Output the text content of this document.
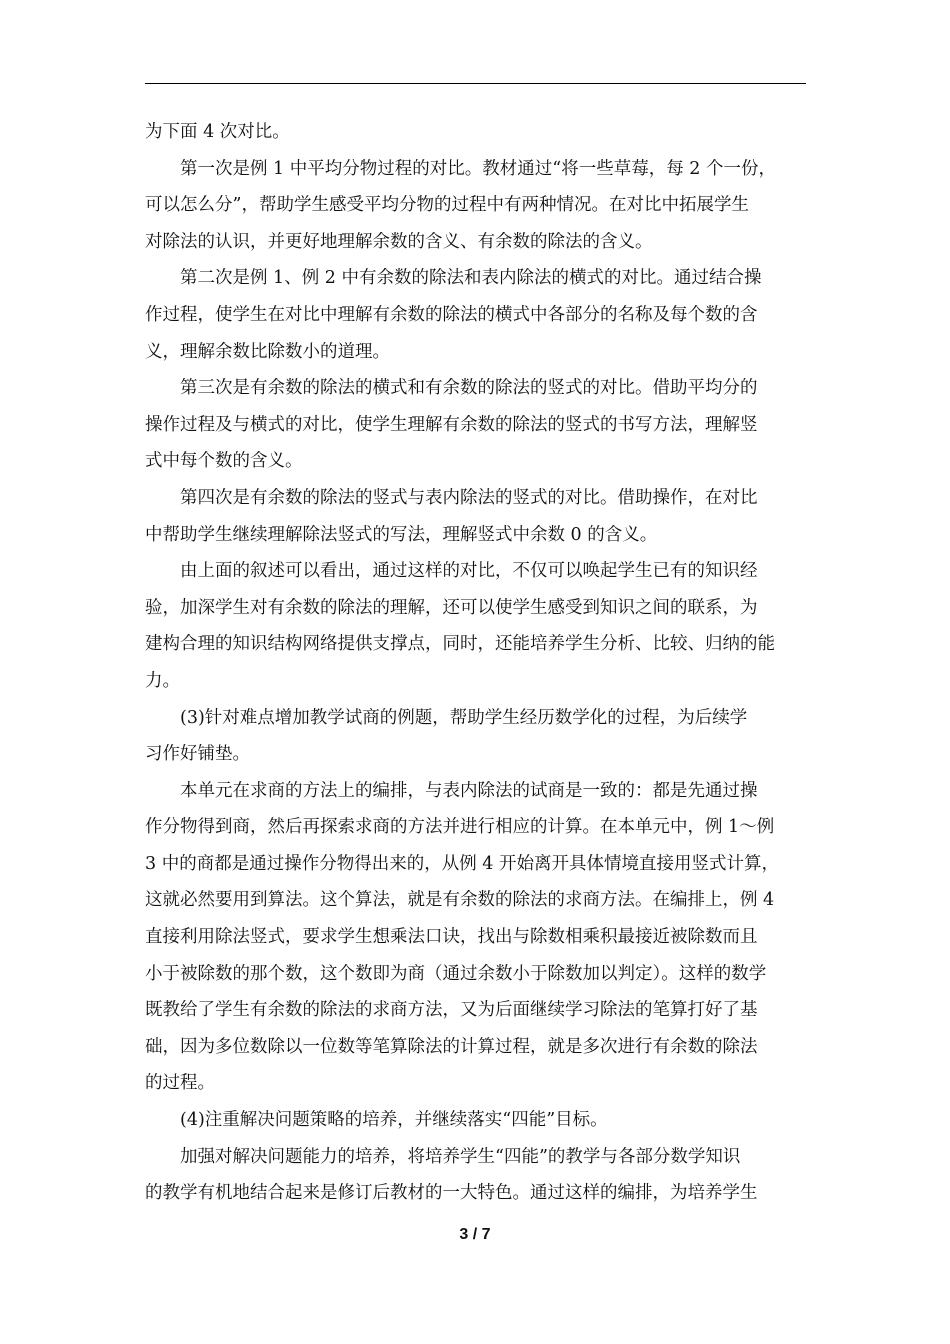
为下面 4 次对比。
第一次是例 1 中平均分物过程的对比。教材通过“将一些草莓，每 2 个一份，
可以怎么分”，帮助学生感受平均分物的过程中有两种情况。在对比中拓展学生
对除法的认识，并更好地理解余数的含义、有余数的除法的含义。
第二次是例 1、例 2 中有余数的除法和表内除法的横式的对比。通过结合操
作过程，使学生在对比中理解有余数的除法的横式中各部分的名称及每个数的含
义，理解余数比除数小的道理。
第三次是有余数的除法的横式和有余数的除法的竖式的对比。借助平均分的
操作过程及与横式的对比，使学生理解有余数的除法的竖式的书写方法，理解竖
式中每个数的含义。
第四次是有余数的除法的竖式与表内除法的竖式的对比。借助操作，在对比
中帮助学生继续理解除法竖式的写法，理解竖式中余数 0 的含义。
由上面的叙述可以看出，通过这样的对比，不仅可以唤起学生已有的知识经
验，加深学生对有余数的除法的理解，还可以使学生感受到知识之间的联系，为
建构合理的知识结构网络提供支撑点，同时，还能培养学生分析、比较、归纳的能
力。
(3)针对难点增加教学试商的例题，帮助学生经历数学化的过程，为后续学
习作好铺垫。
本单元在求商的方法上的编排，与表内除法的试商是一致的：都是先通过操
作分物得到商，然后再探索求商的方法并进行相应的计算。在本单元中，例 1～例
3 中的商都是通过操作分物得出来的，从例 4 开始离开具体情境直接用竖式计算，
这就必然要用到算法。这个算法，就是有余数的除法的求商方法。在编排上，例 4
直接利用除法竖式，要求学生想乘法口诀，找出与除数相乘积最接近被除数而且
小于被除数的那个数，这个数即为商（通过余数小于除数加以判定）。这样的数学
既教给了学生有余数的除法的求商方法，又为后面继续学习除法的笔算打好了基
础，因为多位数除以一位数等笔算除法的计算过程，就是多次进行有余数的除法
的过程。
(4)注重解决问题策略的培养，并继续落实“四能”目标。
加强对解决问题能力的培养，将培养学生“四能”的教学与各部分数学知识
的教学有机地结合起来是修订后教材的一大特色。通过这样的编排，为培养学生
3 / 7
